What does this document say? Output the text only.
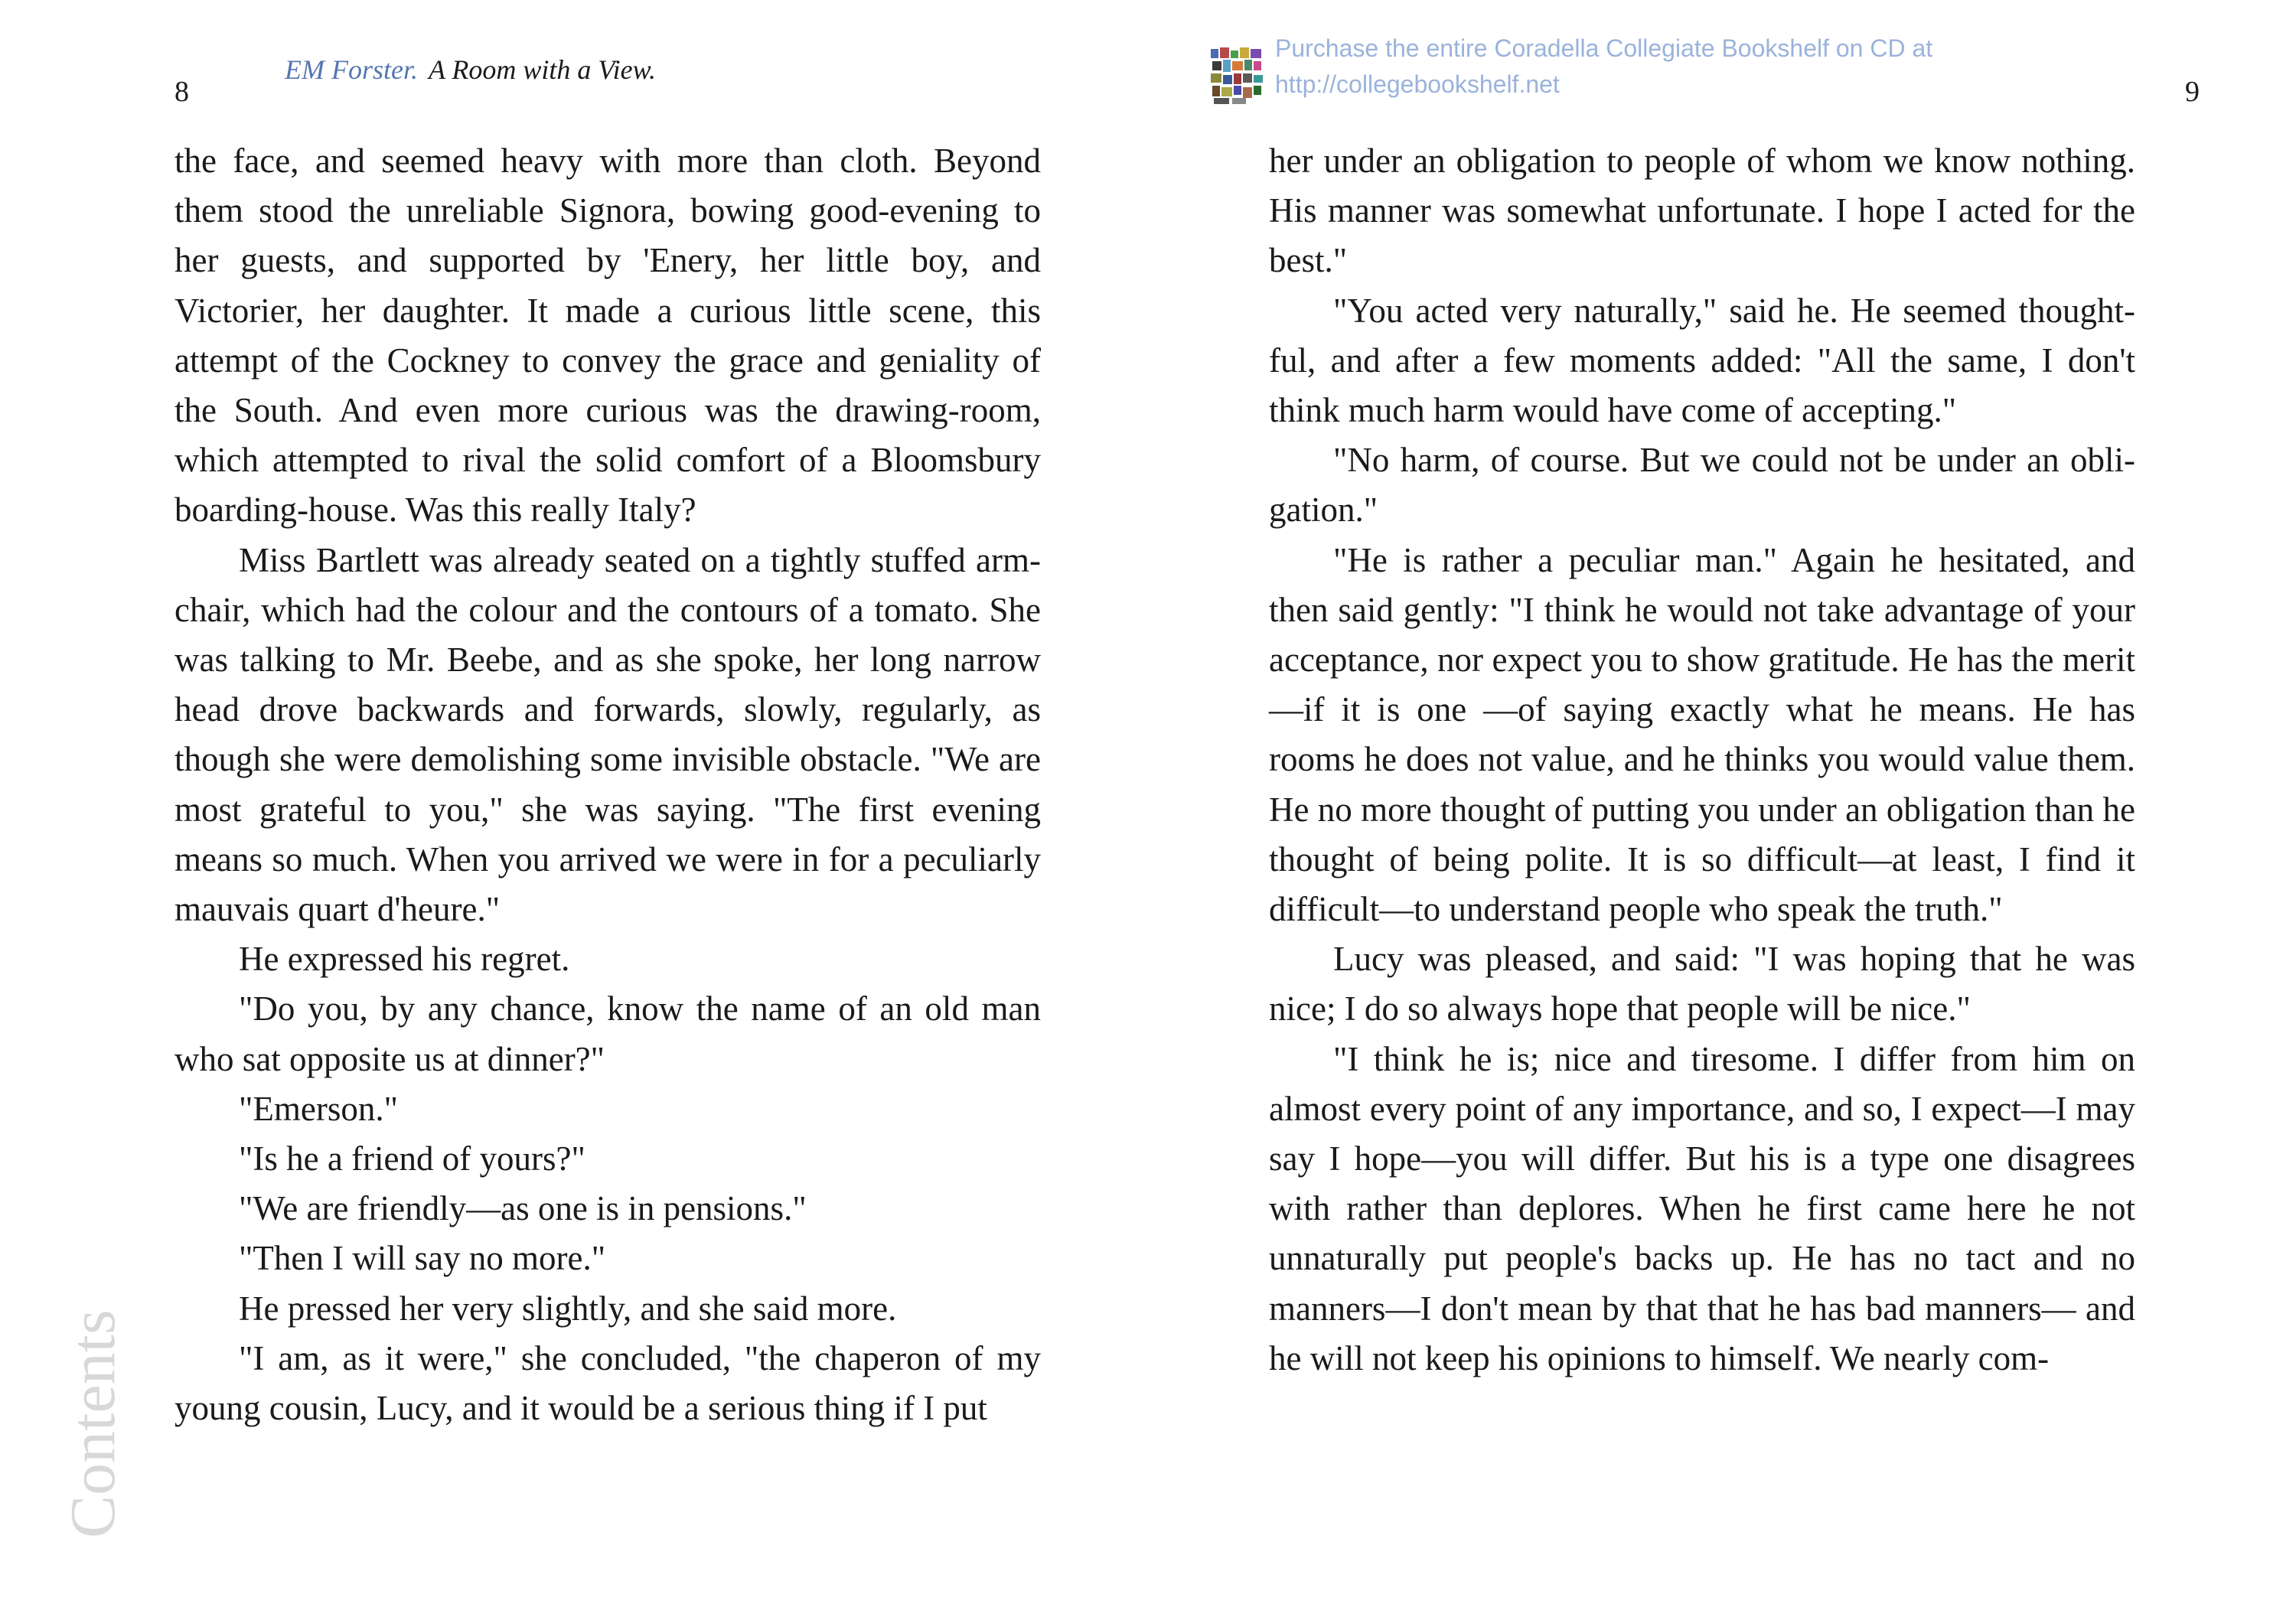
8
EM Forster. A Room with a View.

the face, and seemed heavy with more than cloth. Beyond them stood the unreliable Signora, bowing good-evening to her guests, and supported by 'Enery, her little boy, and Victorier, her daughter. It made a curious little scene, this attempt of the Cockney to convey the grace and geniality of the South. And even more curious was the drawing-room, which attempted to rival the solid comfort of a Bloomsbury boarding-house. Was this really Italy?

Miss Bartlett was already seated on a tightly stuffed armchair, which had the colour and the contours of a tomato. She was talking to Mr. Beebe, and as she spoke, her long narrow head drove backwards and forwards, slowly, regularly, as though she were demolishing some invisible obstacle. "We are most grateful to you," she was saying. "The first evening means so much. When you arrived we were in for a peculiarly mauvais quart d'heure."

He expressed his regret.

"Do you, by any chance, know the name of an old man who sat opposite us at dinner?"

"Emerson."

"Is he a friend of yours?"

"We are friendly—as one is in pensions."

"Then I will say no more."

He pressed her very slightly, and she said more.

"I am, as it were," she concluded, "the chaperon of my young cousin, Lucy, and it would be a serious thing if I put

Contents
Purchase the entire Coradella Collegiate Bookshelf on CD at
http://collegebookshelf.net	9

her under an obligation to people of whom we know nothing. His manner was somewhat unfortunate. I hope I acted for the best."

"You acted very naturally," said he. He seemed thoughtful, and after a few moments added: "All the same, I don't think much harm would have come of accepting."

"No harm, of course. But we could not be under an obligation."

"He is rather a peculiar man." Again he hesitated, and then said gently: "I think he would not take advantage of your acceptance, nor expect you to show gratitude. He has the merit—if it is one —of saying exactly what he means. He has rooms he does not value, and he thinks you would value them. He no more thought of putting you under an obligation than he thought of being polite. It is so difficult—at least, I find it difficult—to understand people who speak the truth."

Lucy was pleased, and said: "I was hoping that he was nice; I do so always hope that people will be nice."

"I think he is; nice and tiresome. I differ from him on almost every point of any importance, and so, I expect—I may say I hope—you will differ. But his is a type one disagrees with rather than deplores. When he first came here he not unnaturally put people's backs up. He has no tact and no manners—I don't mean by that that he has bad manners— and he will not keep his opinions to himself. We nearly com-
